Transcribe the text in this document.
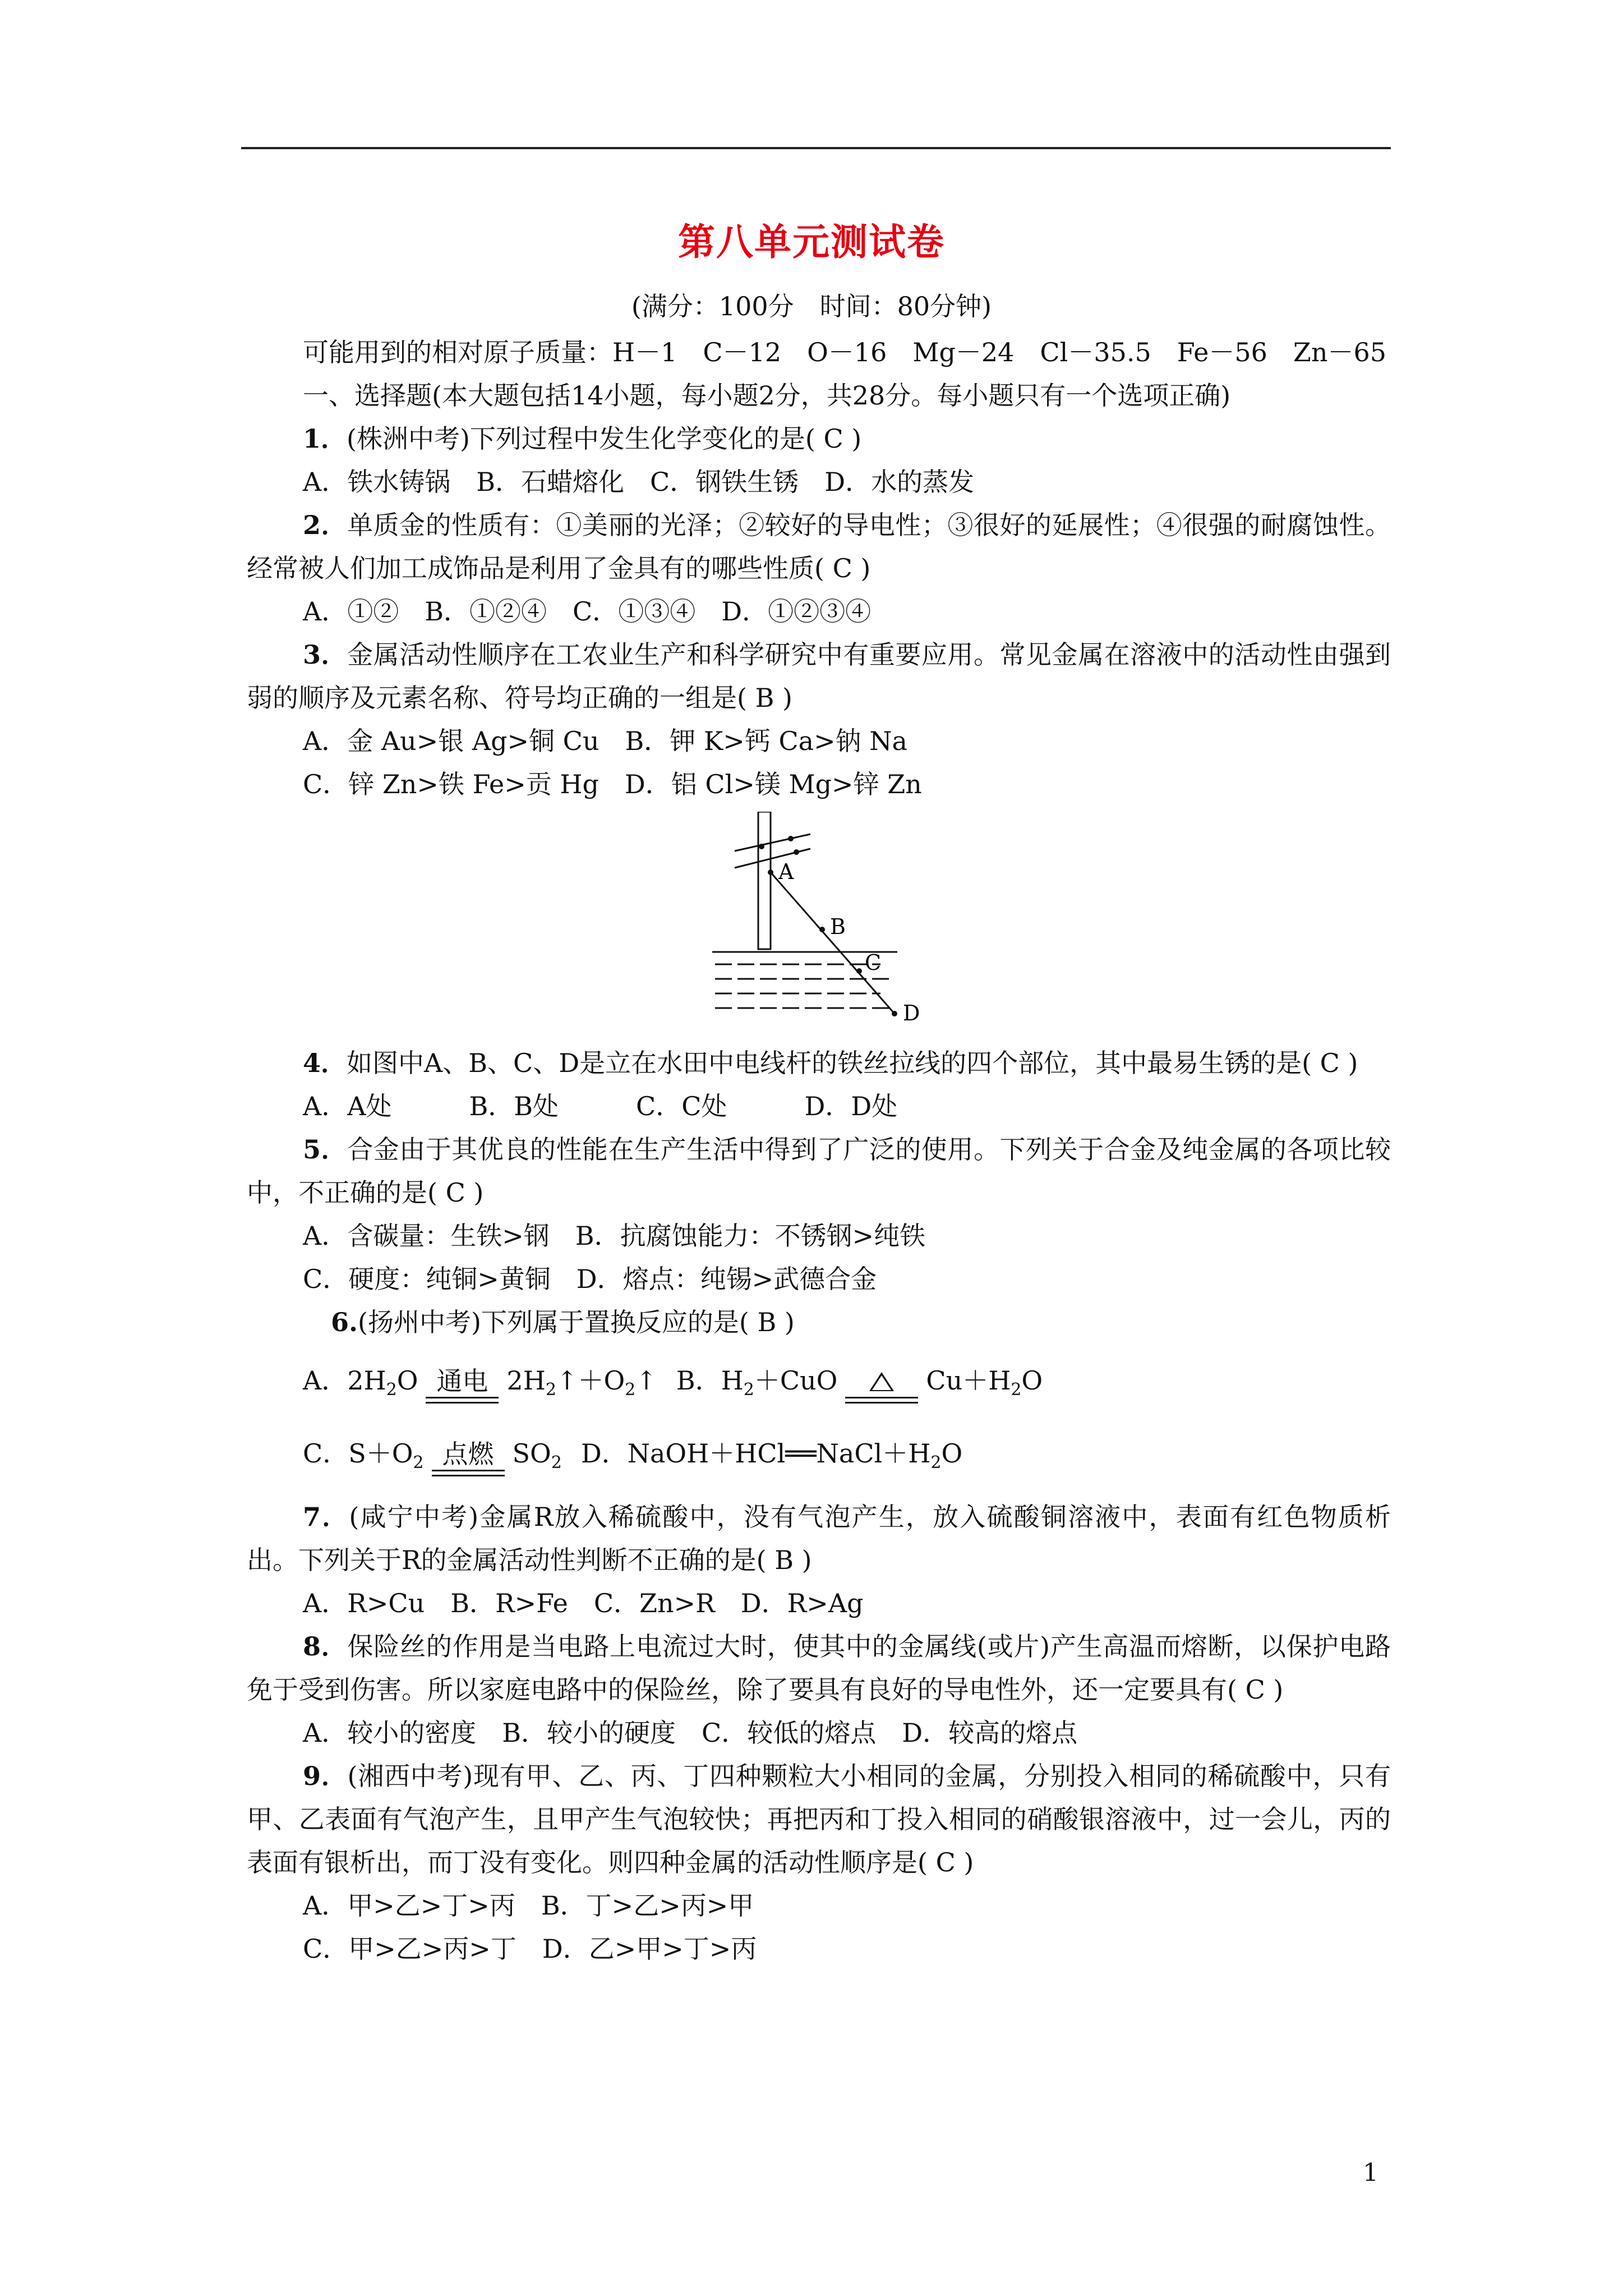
第八单元测试卷
(满分：100分　时间：80分钟)

可能用到的相对原子质量：H－1　C－12　O－16　Mg－24　Cl－35.5　Fe－56　Zn－65

一、选择题(本大题包括14小题，每小题2分，共28分。每小题只有一个选项正确)

1．(株洲中考)下列过程中发生化学变化的是( C )

A．铁水铸锅　B．石蜡熔化　C．钢铁生锈　D．水的蒸发

2．单质金的性质有：①美丽的光泽；②较好的导电性；③很好的延展性；④很强的耐腐蚀性。经常被人们加工成饰品是利用了金具有的哪些性质( C )

A．①②　B．①②④　C．①③④　D．①②③④

3．金属活动性顺序在工农业生产和科学研究中有重要应用。常见金属在溶液中的活动性由强到弱的顺序及元素名称、符号均正确的一组是( B )

A．金 Au>银 Ag>铜 Cu　B．钾 K>钙 Ca>钠 Na

C．锌 Zn>铁 Fe>贡 Hg　D．铝 Cl>镁 Mg>锌 Zn

A
B
C
D

4．如图中A、B、C、D是立在水田中电线杆的铁丝拉线的四个部位，其中最易生锈的是( C )

A．A处　　　B．B处　　　C．C处　　　D．D处

5．合金由于其优良的性能在生产生活中得到了广泛的使用。下列关于合金及纯金属的各项比较中，不正确的是( C )

A．含碳量：生铁>钢　B．抗腐蚀能力：不锈钢>纯铁

C．硬度：纯铜>黄铜　D．熔点：纯锡>武德合金

6.(扬州中考)下列属于置换反应的是( B )

A．$2H_2O$ 通电 $2H_2↑+O_2↑$ B．$H_2+CuO$	$Cu+H_2O$
C．$S+O_2$ 点燃 $SO_2$ D．$NaOH+HCl══NaCl+H_2O$

7．(咸宁中考)金属R放入稀硫酸中，没有气泡产生，放入硫酸铜溶液中，表面有红色物质析出。下列关于R的金属活动性判断不正确的是( B )

A．R>Cu　B．R>Fe　C．Zn>R　D．R>Ag

8．保险丝的作用是当电路上电流过大时，使其中的金属线(或片)产生高温而熔断，以保护电路免于受到伤害。所以家庭电路中的保险丝，除了要具有良好的导电性外，还一定要具有( C )

A．较小的密度　B．较小的硬度　C．较低的熔点　D．较高的熔点

9．(湘西中考)现有甲、乙、丙、丁四种颗粒大小相同的金属，分别投入相同的稀硫酸中，只有甲、乙表面有气泡产生，且甲产生气泡较快；再把丙和丁投入相同的硝酸银溶液中，过一会儿，丙的表面有银析出，而丁没有变化。则四种金属的活动性顺序是( C )

A．甲>乙>丁>丙　B．丁>乙>丙>甲

C．甲>乙>丙>丁　D．乙>甲>丁>丙

1
